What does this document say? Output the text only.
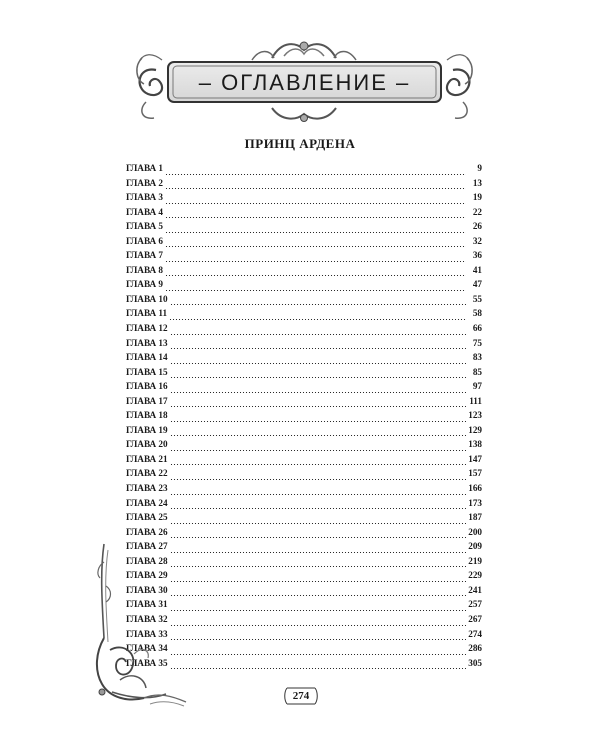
– ОГЛАВЛЕНИЕ –
ПРИНЦ АРДЕНА
ГЛАВА 1	9
ГЛАВА 2	13
ГЛАВА 3	19
ГЛАВА 4	22
ГЛАВА 5	26
ГЛАВА 6	32
ГЛАВА 7	36
ГЛАВА 8	41
ГЛАВА 9	47
ГЛАВА 10	55
ГЛАВА 11	58
ГЛАВА 12	66
ГЛАВА 13	75
ГЛАВА 14	83
ГЛАВА 15	85
ГЛАВА 16	97
ГЛАВА 17	111
ГЛАВА 18	123
ГЛАВА 19	129
ГЛАВА 20	138
ГЛАВА 21	147
ГЛАВА 22	157
ГЛАВА 23	166
ГЛАВА 24	173
ГЛАВА 25	187
ГЛАВА 26	200
ГЛАВА 27	209
ГЛАВА 28	219
ГЛАВА 29	229
ГЛАВА 30	241
ГЛАВА 31	257
ГЛАВА 32	267
ГЛАВА 33	274
ГЛАВА 34	286
ГЛАВА 35	305
274
